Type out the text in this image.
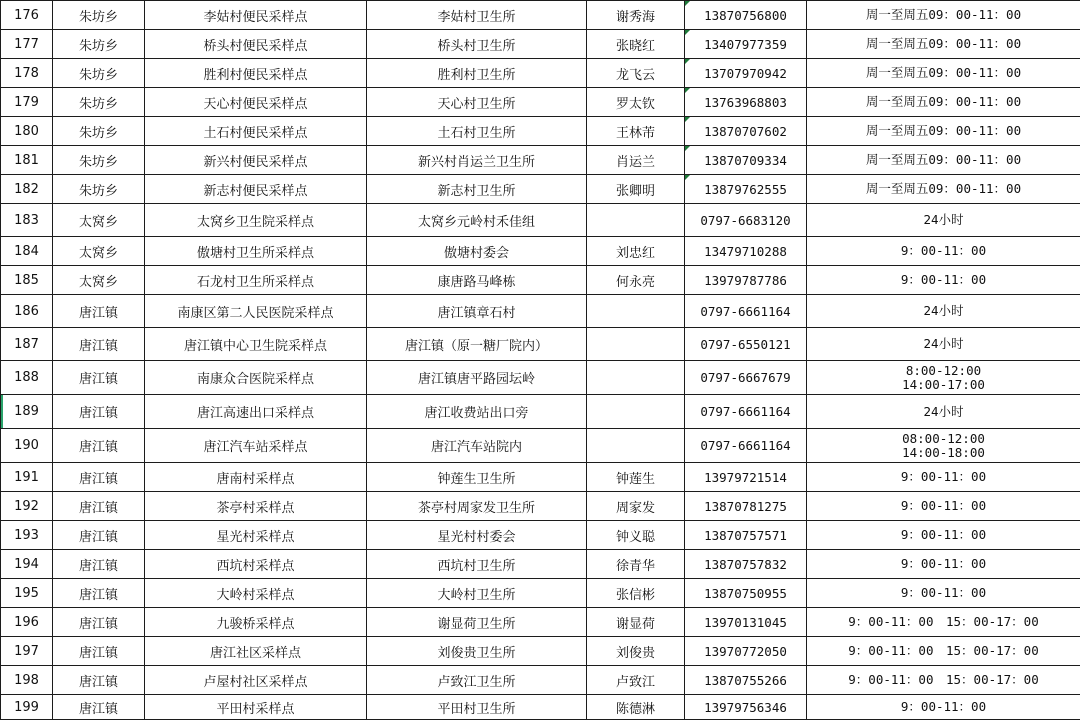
176	朱坊乡	李姑村便民采样点	李姑村卫生所	谢秀海	13870756800	周一至周五09：00-11：00

177	朱坊乡	桥头村便民采样点	桥头村卫生所	张晓红	13407977359	周一至周五09：00-11：00

178	朱坊乡	胜利村便民采样点	胜利村卫生所	龙飞云	13707970942	周一至周五09：00-11：00

179	朱坊乡	天心村便民采样点	天心村卫生所	罗太钦	13763968803	周一至周五09：00-11：00

180	朱坊乡	土石村便民采样点	土石村卫生所	王林芾	13870707602	周一至周五09：00-11：00

181	朱坊乡	新兴村便民采样点	新兴村肖运兰卫生所	肖运兰	13870709334	周一至周五09：00-11：00

182	朱坊乡	新志村便民采样点	新志村卫生所	张卿明	13879762555	周一至周五09：00-11：00

183	太窝乡	太窝乡卫生院采样点	太窝乡元岭村禾佳组		0797-6683120	24小时

184	太窝乡	傲塘村卫生所采样点	傲塘村委会	刘忠红	13479710288	9：00-11：00

185	太窝乡	石龙村卫生所采样点	康唐路马峰栋	何永亮	13979787786	9：00-11：00

186	唐江镇	南康区第二人民医院采样点	唐江镇章石村		0797-6661164	24小时

187	唐江镇	唐江镇中心卫生院采样点	唐江镇（原一糖厂院内）		0797-6550121	24小时

188	唐江镇	南康众合医院采样点	唐江镇唐平路园坛岭		0797-6667679	8:00-12:00
14:00-17:00

189	唐江镇	唐江高速出口采样点	唐江收费站出口旁		0797-6661164	24小时

190	唐江镇	唐江汽车站采样点	唐江汽车站院内		0797-6661164	08:00-12:00
14:00-18:00

191	唐江镇	唐南村采样点	钟莲生卫生所	钟莲生	13979721514	9：00-11：00

192	唐江镇	茶亭村采样点	茶亭村周家发卫生所	周家发	13870781275	9：00-11：00

193	唐江镇	星光村采样点	星光村村委会	钟义聪	13870757571	9：00-11：00

194	唐江镇	西坑村采样点	西坑村卫生所	徐青华	13870757832	9：00-11：00

195	唐江镇	大岭村采样点	大岭村卫生所	张信彬	13870750955	9：00-11：00

196	唐江镇	九骏桥采样点	谢显荷卫生所	谢显荷	13970131045	9：00-11：00　15：00-17：00

197	唐江镇	唐江社区采样点	刘俊贵卫生所	刘俊贵	13970772050	9：00-11：00　15：00-17：00

198	唐江镇	卢屋村社区采样点	卢致江卫生所	卢致江	13870755266	9：00-11：00　15：00-17：00

199	唐江镇	平田村采样点	平田村卫生所	陈德淋	13979756346	9：00-11：00
